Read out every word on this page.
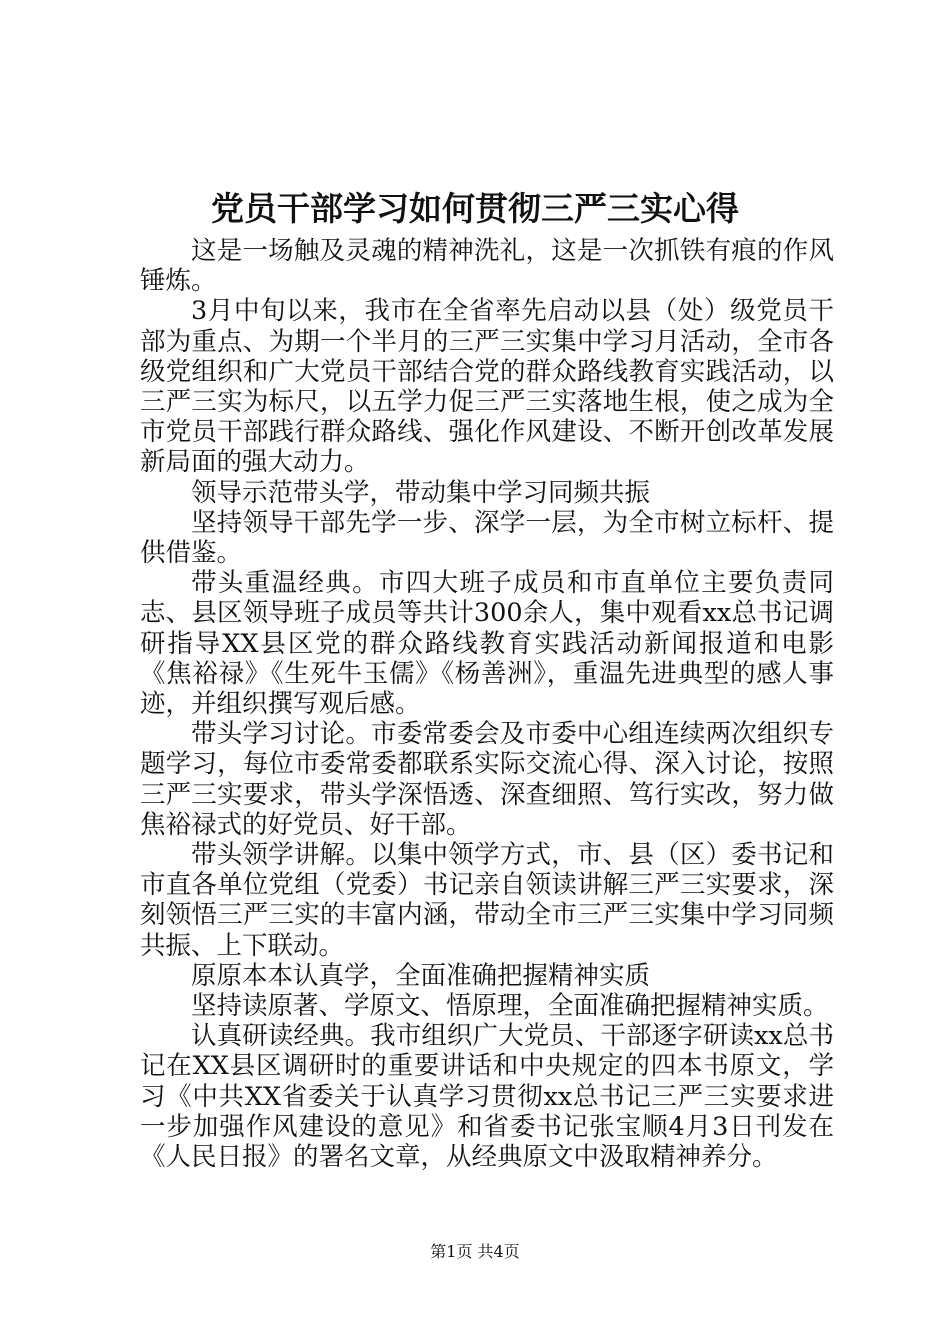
党员干部学习如何贯彻三严三实心得

这是一场触及灵魂的精神洗礼，这是一次抓铁有痕的作风锤炼。

3月中旬以来，我市在全省率先启动以县（处）级党员干部为重点、为期一个半月的三严三实集中学习月活动，全市各级党组织和广大党员干部结合党的群众路线教育实践活动，以三严三实为标尺，以五学力促三严三实落地生根，使之成为全市党员干部践行群众路线、强化作风建设、不断开创改革发展新局面的强大动力。

领导示范带头学，带动集中学习同频共振

坚持领导干部先学一步、深学一层，为全市树立标杆、提供借鉴。

带头重温经典。市四大班子成员和市直单位主要负责同志、县区领导班子成员等共计300余人，集中观看xx总书记调研指导XX县区党的群众路线教育实践活动新闻报道和电影《焦裕禄》《生死牛玉儒》《杨善洲》，重温先进典型的感人事迹，并组织撰写观后感。

带头学习讨论。市委常委会及市委中心组连续两次组织专题学习，每位市委常委都联系实际交流心得、深入讨论，按照三严三实要求，带头学深悟透、深查细照、笃行实改，努力做焦裕禄式的好党员、好干部。

带头领学讲解。以集中领学方式，市、县（区）委书记和市直各单位党组（党委）书记亲自领读讲解三严三实要求，深刻领悟三严三实的丰富内涵，带动全市三严三实集中学习同频共振、上下联动。

原原本本认真学，全面准确把握精神实质

坚持读原著、学原文、悟原理，全面准确把握精神实质。

认真研读经典。我市组织广大党员、干部逐字研读xx总书记在XX县区调研时的重要讲话和中央规定的四本书原文，学习《中共XX省委关于认真学习贯彻xx总书记三严三实要求进一步加强作风建设的意见》和省委书记张宝顺4月3日刊发在《人民日报》的署名文章，从经典原文中汲取精神养分。

第1页 共4页
